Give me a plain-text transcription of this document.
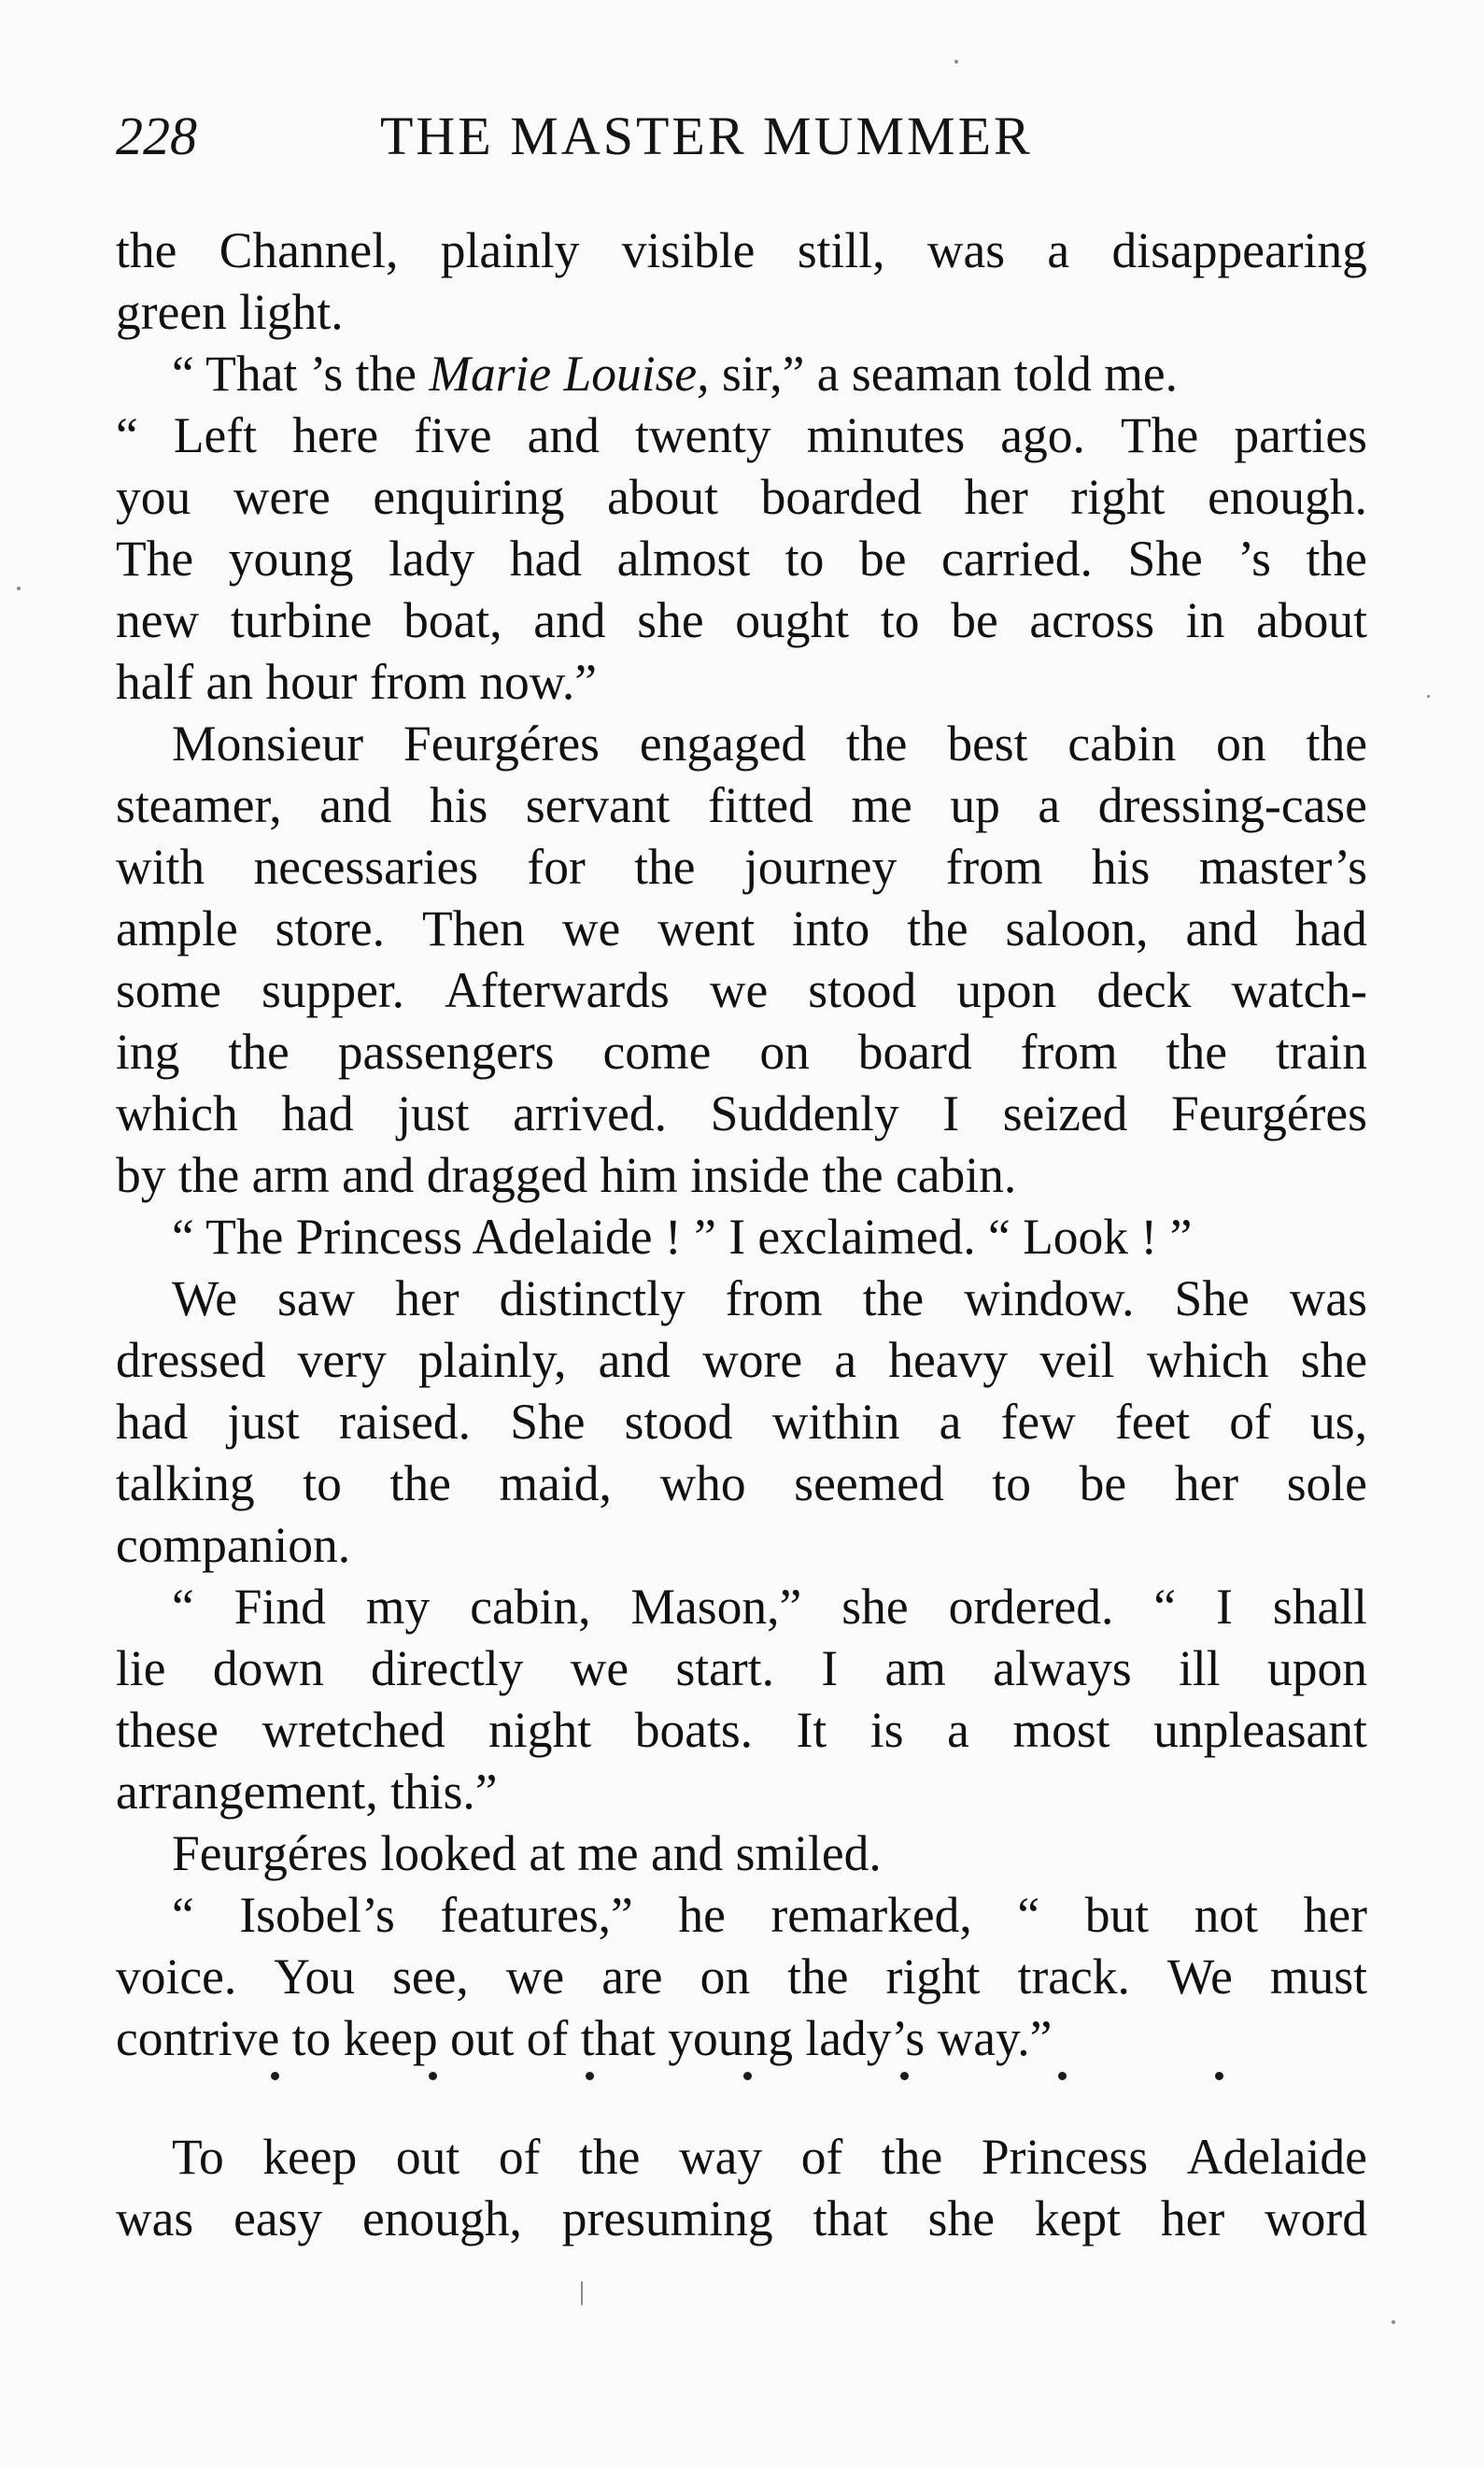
228	THE MASTER MUMMER
the Channel, plainly visible still, was a disappearing
green light.
“ That ’s the Marie Louise, sir,” a seaman told me.
“ Left here five and twenty minutes ago. The parties
you were enquiring about boarded her right enough.
The young lady had almost to be carried. She ’s the
new turbine boat, and she ought to be across in about
half an hour from now.”
Monsieur Feurgéres engaged the best cabin on the
steamer, and his servant fitted me up a dressing-case
with necessaries for the journey from his master’s
ample store. Then we went into the saloon, and had
some supper. Afterwards we stood upon deck watch-
ing the passengers come on board from the train
which had just arrived. Suddenly I seized Feurgéres
by the arm and dragged him inside the cabin.
“ The Princess Adelaide ! ” I exclaimed. “ Look ! ”
We saw her distinctly from the window. She was
dressed very plainly, and wore a heavy veil which she
had just raised. She stood within a few feet of us,
talking to the maid, who seemed to be her sole
companion.
“ Find my cabin, Mason,” she ordered. “ I shall
lie down directly we start. I am always ill upon
these wretched night boats. It is a most unpleasant
arrangement, this.”
Feurgéres looked at me and smiled.
“ Isobel’s features,” he remarked, “ but not her
voice. You see, we are on the right track. We must
contrive to keep out of that young lady’s way.”
To keep out of the way of the Princess Adelaide
was easy enough, presuming that she kept her word
